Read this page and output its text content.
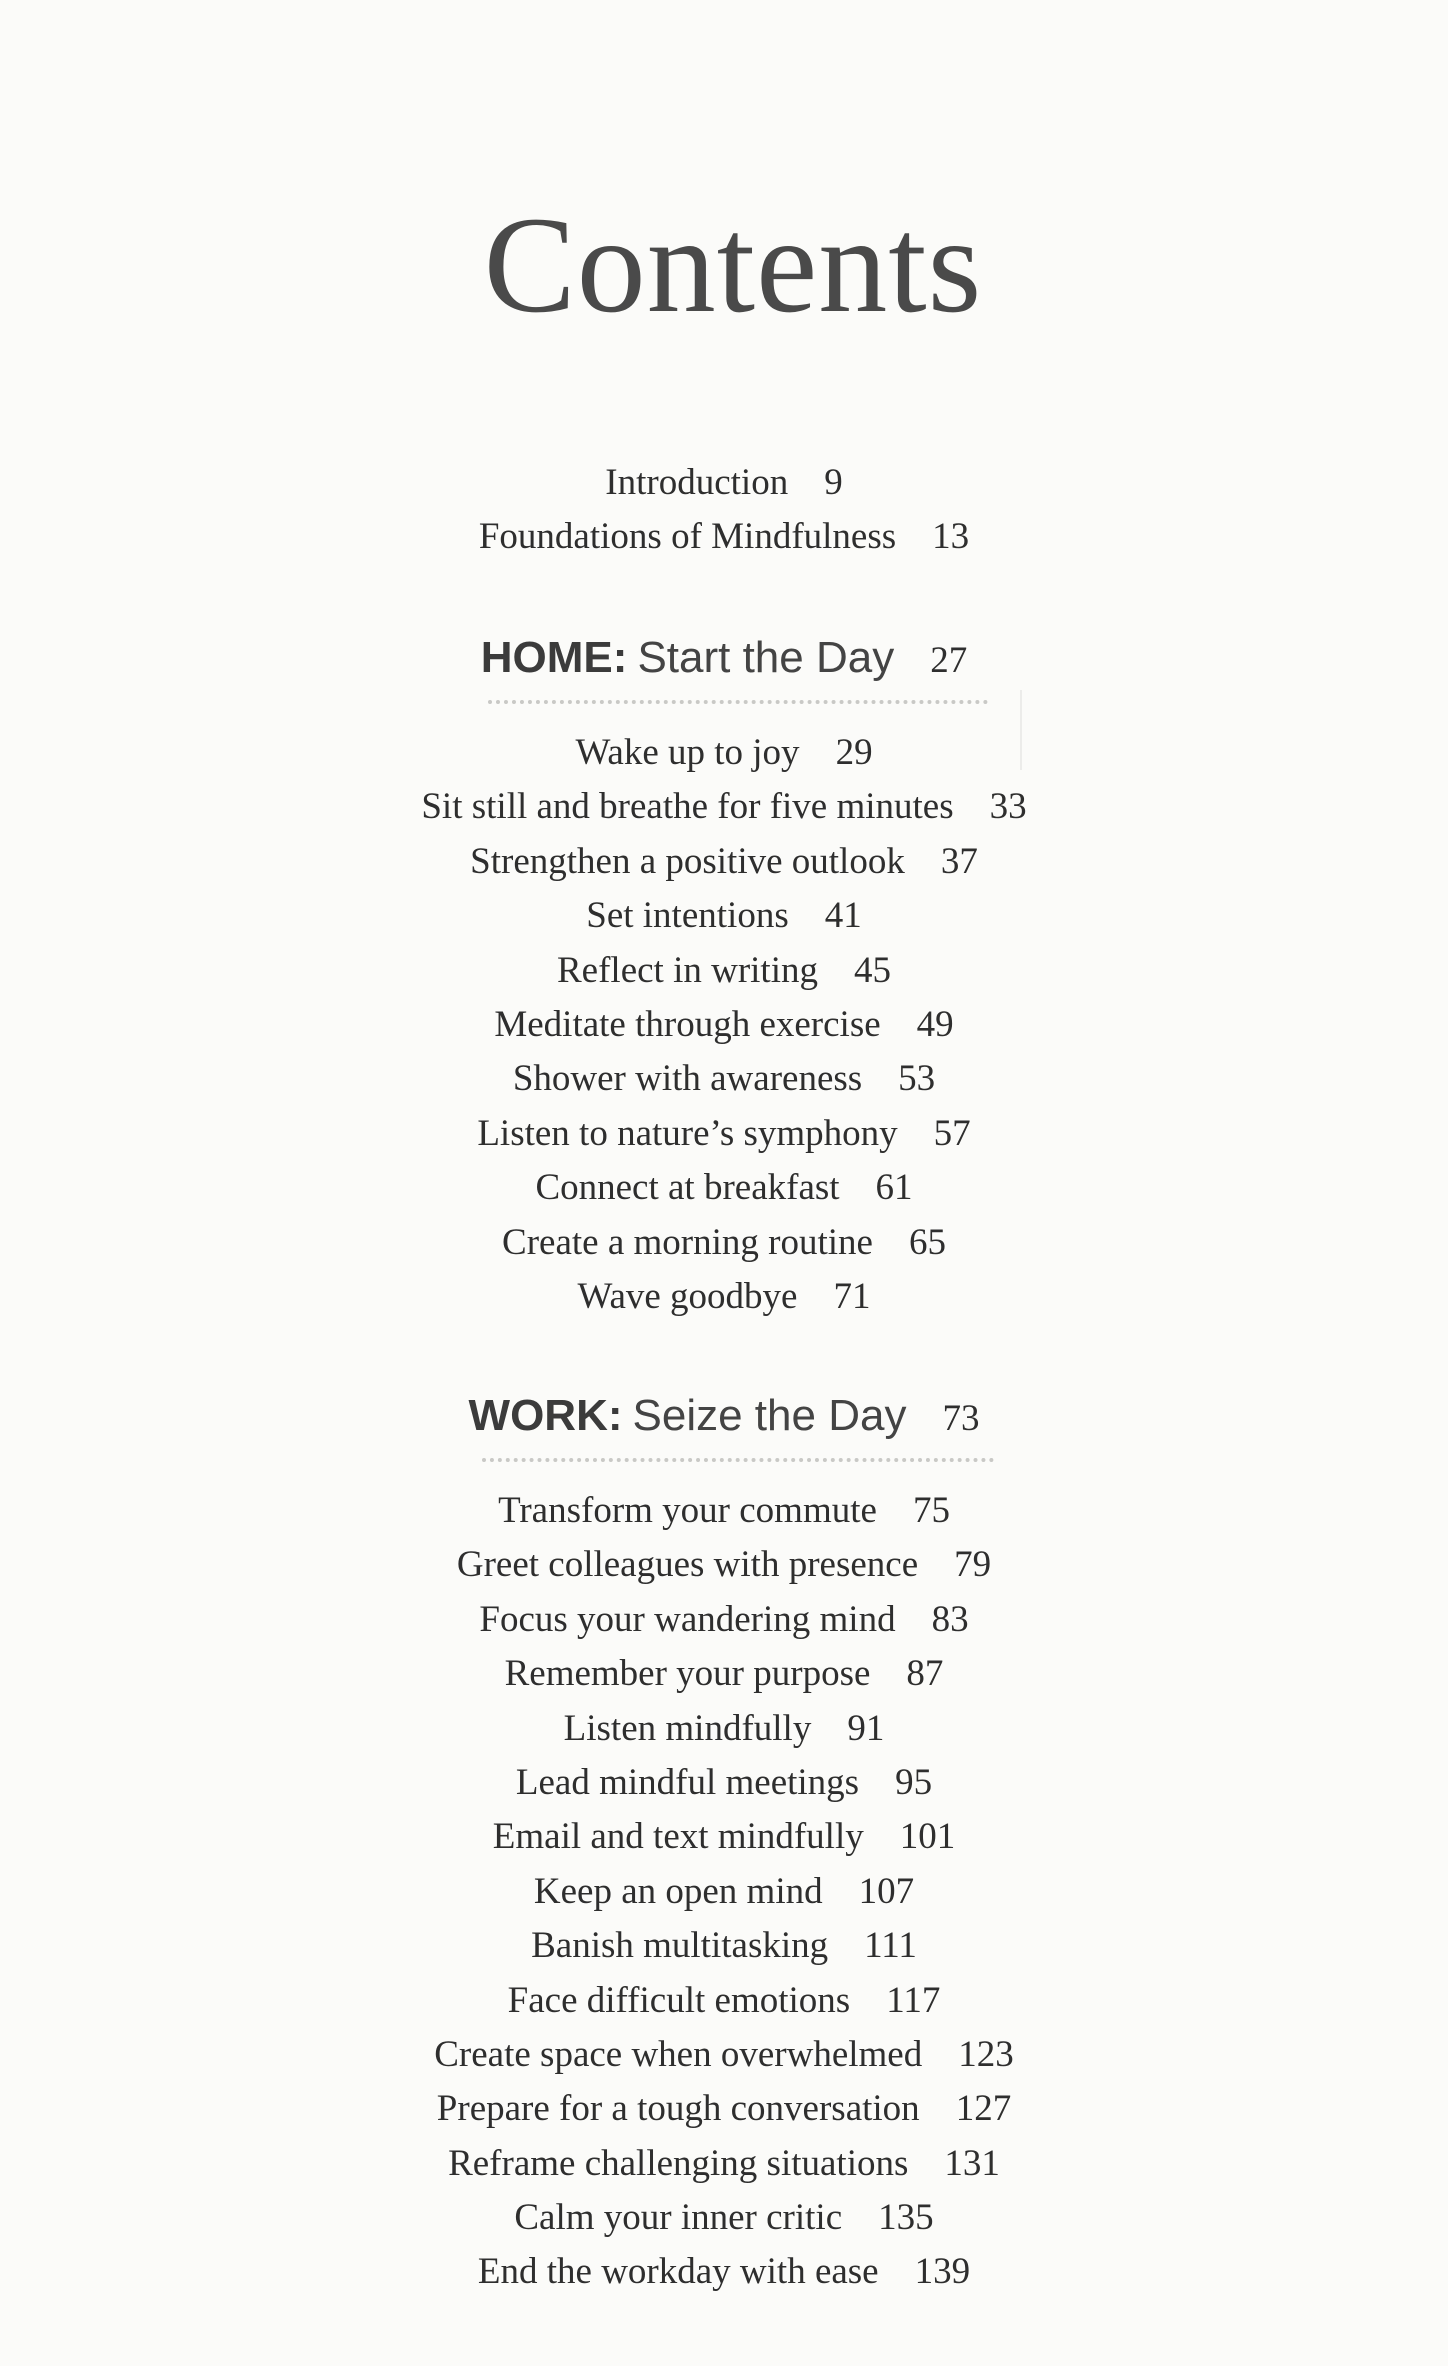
Contents
Introduction 9
Foundations of Mindfulness 13
HOME: Start the Day 27
Wake up to joy 29
Sit still and breathe for five minutes 33
Strengthen a positive outlook 37
Set intentions 41
Reflect in writing 45
Meditate through exercise 49
Shower with awareness 53
Listen to nature’s symphony 57
Connect at breakfast 61
Create a morning routine 65
Wave goodbye 71
WORK: Seize the Day 73
Transform your commute 75
Greet colleagues with presence 79
Focus your wandering mind 83
Remember your purpose 87
Listen mindfully 91
Lead mindful meetings 95
Email and text mindfully 101
Keep an open mind 107
Banish multitasking 111
Face difficult emotions 117
Create space when overwhelmed 123
Prepare for a tough conversation 127
Reframe challenging situations 131
Calm your inner critic 135
End the workday with ease 139
